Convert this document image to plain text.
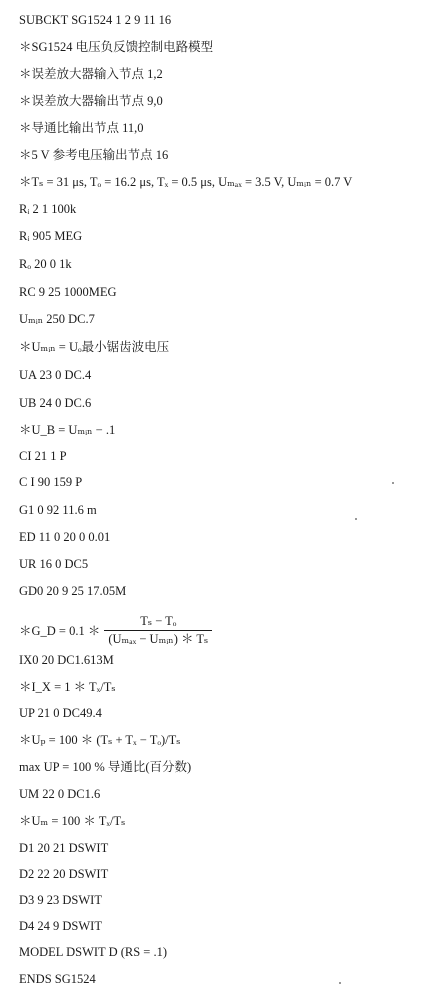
SUBCKT SG1524 1 2 9 11 16
＊SG1524 电压负反馈控制电路模型
＊误差放大器输入节点 1,2
＊误差放大器输出节点 9,0
＊导通比输出节点 11,0
＊5 V 参考电压输出节点 16
＊Tₛ = 31 μs, Tₒ = 16.2 μs, Tₓ = 0.5 μs, Uₘₐₓ = 3.5 V, Uₘᵢₙ = 0.7 V
Rᵢ 2 1 100k
Rᵢ 905 MEG
Rₒ 20 0 1k
RC 9 25 1000MEG
Uₘᵢₙ 250 DC.7
＊Uₘᵢₙ = Uₒ最小锯齿波电压
UA 23 0 DC.4
UB 24 0 DC.6
＊U_B = Uₘᵢₙ − .1
CI 21 1 P
C I 90 159 P
G1 0 92 11.6 m
ED 11 0 20 0 0.01
UR 16 0 DC5
GD0 20 9 25 17.05M
＊G_D = 0.1 ＊ $\frac{\text{Tₛ − Tₒ}}{\text{(Uₘₐₓ − Uₘᵢₙ) ＊ Tₛ}}$
IX0 20 DC1.613M
＊I_X = 1 ＊ Tₓ/Tₛ
UP 21 0 DC49.4
＊Uₚ = 100 ＊ (Tₛ + Tₓ − Tₒ)/Tₛ
max UP = 100 % 导通比(百分数)
UM 22 0 DC1.6
＊Uₘ = 100 ＊ Tₓ/Tₛ
D1 20 21 DSWIT
D2 22 20 DSWIT
D3 9 23 DSWIT
D4 24 9 DSWIT
MODEL DSWIT D (RS = .1)
ENDS SG1524
